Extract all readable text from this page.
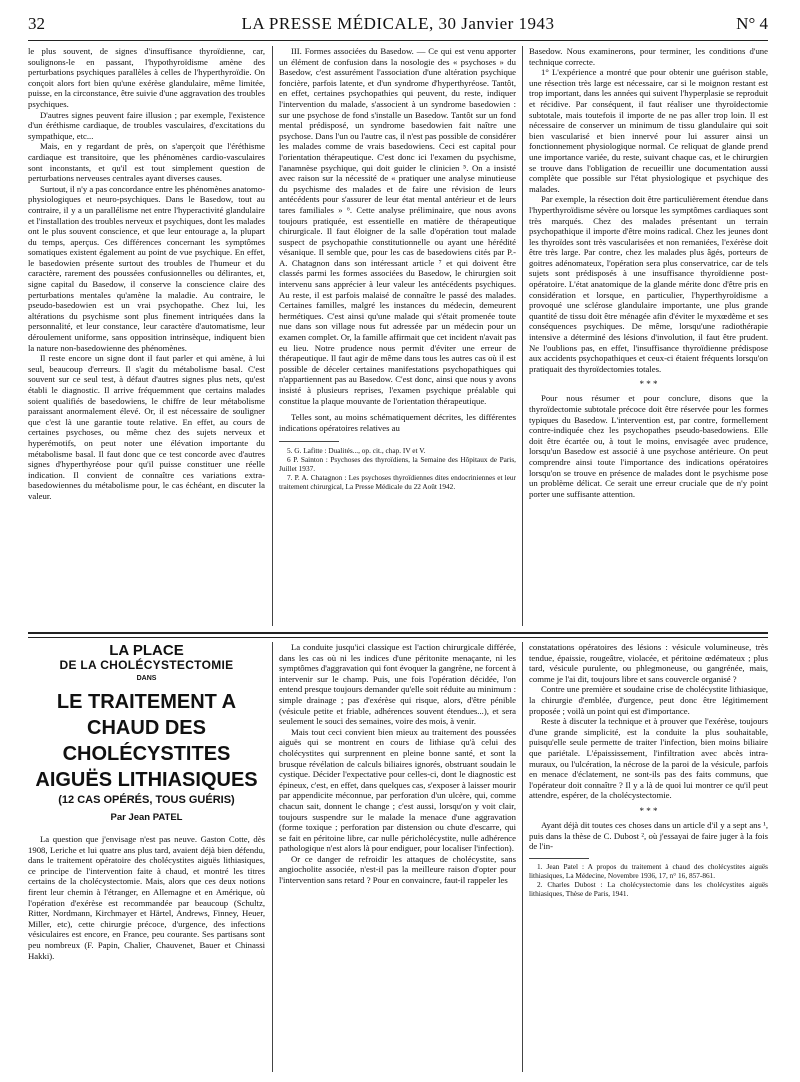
32	LA PRESSE MÉDICALE, 30 Janvier 1943	N° 4

le plus souvent, de signes d'insuffisance thyroïdienne, car, soulignons-le en passant, l'hypothyroïdisme amène des perturbations psychiques parallèles à celles de l'hyperthyroïdie. On conçoit alors fort bien qu'une exérèse glandulaire, même limitée, puisse, en la circonstance, être suivie d'une aggravation des troubles psychiques.

D'autres signes peuvent faire illusion ; par exemple, l'existence d'un éréthisme cardiaque, de troubles vasculaires, d'excitations du sympathique, etc...

Mais, en y regardant de près, on s'aperçoit que l'éréthisme cardiaque est transitoire, que les phénomènes cardio-vasculaires sont inconstants, et qu'il est tout simplement question de perturbations nerveuses centrales ayant diverses causes.

Surtout, il n'y a pas concordance entre les phénomènes anatomo-physiologiques et neuro-psychiques. Dans le Basedow, tout au contraire, il y a un parallélisme net entre l'hyperactivité glandulaire et l'installation des troubles nerveux et psychiques, dont les malades ont le plus souvent conscience, et que leur entourage a, la plupart du temps, aperçus. Ces différences concernant les symptômes somatiques existent également au point de vue psychique. En effet, le basedowien présente surtout des troubles de l'humeur et du caractère, rarement des poussées confusionnelles ou délirantes, et, signe capital du Basedow, il conserve la conscience claire des perturbations mentales qu'amène la maladie. Au contraire, le pseudo-basedowien est un vrai psychopathe. Chez lui, les altérations du psychisme sont plus finement intriquées dans la personnalité, et leur constance, leur caractère d'automatisme, leur déroulement uniforme, sans opposition intrinsèque, indiquent bien la nature non-basedowienne des phénomènes.

Il reste encore un signe dont il faut parler et qui amène, à lui seul, beaucoup d'erreurs. Il s'agit du métabolisme basal. C'est souvent sur ce seul test, à défaut d'autres signes plus nets, qu'est établi le diagnostic. Il arrive fréquemment que certains malades soient qualifiés de basedowiens, le chiffre de leur métabolisme paraissant anormalement élevé. Or, il est nécessaire de souligner que c'est là une garantie toute relative. En effet, au cours de certaines psychoses, ou même chez des sujets nerveux et hyperémotifs, on peut noter une élévation importante du métabolisme basal. Il faut donc que ce test concorde avec d'autres signes d'hyperthyréose pour qu'il puisse constituer une réelle indication. Il convient de connaître ces variations extra-basedowiennes du métabolisme pour, le cas échéant, en discuter la valeur.

III. Formes associées du Basedow. — Ce qui est venu apporter un élément de confusion dans la nosologie des « psychoses » du Basedow, c'est assurément l'association d'une altération psychique foncière, parfois latente, et d'un syndrome d'hyperthyréose. Tantôt, en effet, certaines psychopathies qui peuvent, du reste, indiquer l'intervention du malade, s'associent à un syndrome basedowien : sur une psychose de fond s'installe un Basedow. Tantôt sur un fond mental prédisposé, un syndrome basedowien fait naître une psychose. Dans l'un ou l'autre cas, il n'est pas possible de considérer les malades comme de vrais basedowiens. Ceci est capital pour l'orientation thérapeutique. C'est donc ici l'examen du psychisme, l'anamnèse psychique, qui doit guider le clinicien ⁵. On a insisté avec raison sur la nécessité de « pratiquer une analyse minutieuse du psychisme des malades et de faire une révision de leurs antécédents pour s'assurer de leur état mental antérieur et de leurs tares familiales » ⁶. Cette analyse préliminaire, que nous avons toujours pratiquée, est essentielle en matière de thérapeutique chirurgicale. Il faut éloigner de la salle d'opération tout malade suspect de psychopathie constitutionnelle ou ayant une hérédité vésanique. Il semble que, pour les cas de basedowiens cités par P.-A. Chatagnon dans son intéressant article ⁷ et qui doivent être classés parmi les formes associées du Basedow, le chirurgien soit intervenu sans apprécier à leur valeur les antécédents psychiques. Au reste, il est parfois malaisé de connaître le passé des malades. Certaines familles, malgré les instances du médecin, demeurent hermétiques. C'est ainsi qu'une malade qui s'était promenée toute nue dans son village nous fut adressée par un médecin pour un examen complet. Or, la famille affirmait que cet incident n'avait pas eu lieu. Notre prudence nous permit d'éviter une erreur de thérapeutique. Il faut agir de même dans tous les autres cas où il est possible de déceler certaines manifestations psychopathiques qui n'appartiennent pas au Basedow. C'est donc, ainsi que nous y avons insisté à plusieurs reprises, l'examen psychique préalable qui constitue la plaque mouvante de l'orientation thérapeutique.

Telles sont, au moins schématiquement décrites, les différentes indications opératoires relatives au

5. G. Lafitte : Dualités..., op. cit., chap. IV et V.

6 P. Sainton : Psychoses des thyroïdiens, la Semaine des Hôpitaux de Paris, Juillet 1937.

7. P. A. Chatagnon : Les psychoses thyroïdiennes dites endocriniennes et leur traitement chirurgical, La Presse Médicale du 22 Août 1942.

Basedow. Nous examinerons, pour terminer, les conditions d'une technique correcte.

1° L'expérience a montré que pour obtenir une guérison stable, une résection très large est nécessaire, car si le moignon restant est trop important, dans les années qui suivent l'hyperplasie se reproduit et récidive. Par conséquent, il faut réaliser une thyroïdectomie subtotale, mais toutefois il importe de ne pas aller trop loin. Il est nécessaire de conserver un minimum de tissu glandulaire qui soit bien vascularisé et bien innervé pour lui assurer ainsi un fonctionnement physiologique normal. Ce reliquat de glande prend une importance variée, du reste, suivant chaque cas, et le chirurgien se trouve dans l'obligation de recueillir une documentation aussi complète que possible sur l'état physiologique et psychique des malades.

Par exemple, la résection doit être particulièrement étendue dans l'hyperthyroïdisme sévère ou lorsque les symptômes cardiaques sont très marqués. Chez des malades présentant un terrain psychopathique il importe d'être moins radical. Chez les jeunes dont les thyroïdes sont très vascularisées et non remaniées, l'exérèse doit être très large. Par contre, chez les malades plus âgés, porteurs de goitres adénomateux, l'opération sera plus conservatrice, car de tels sujets sont prédisposés à une insuffisance thyroïdienne post-opératoire. L'état anatomique de la glande mérite donc d'être pris en considération et lorsque, en particulier, l'hyperthyroïdisme a provoqué une sclérose glandulaire importante, une plus grande quantité de tissu doit être ménagée afin d'éviter le myxœdème et ses conséquences psychiques. De même, lorsqu'une radiothérapie intensive a déterminé des lésions d'involution, il faut être prudent. Ne l'oublions pas, en effet, l'insuffisance thyroïdienne prédispose aux accidents psychopathiques et ceux-ci étaient fréquents lorsqu'on pratiquait des thyroïdectomies totales.

* * *

Pour nous résumer et pour conclure, disons que la thyroïdectomie subtotale précoce doit être réservée pour les formes typiques du Basedow. L'intervention est, par contre, formellement contre-indiquée chez les psychopathes pseudo-basedowiens. Elle doit être écartée ou, à tout le moins, envisagée avec prudence, lorsqu'un Basedow est associé à une psychose antérieure. On peut comprendre ainsi toute l'importance des indications opératoires lorsqu'on se trouve en présence de malades dont le psychisme pose un problème délicat. Ce serait une erreur cruciale que de n'y point porter une suffisante attention.

LA PLACE
DE LA CHOLÉCYSTECTOMIE
DANS
LE TRAITEMENT A CHAUD DES CHOLÉCYSTITES AIGUËS LITHIASIQUES
(12 CAS OPÉRÉS, TOUS GUÉRIS)
Par Jean PATEL

La question que j'envisage n'est pas neuve. Gaston Cotte, dès 1908, Leriche et lui quatre ans plus tard, avaient déjà bien défendu, dans le traitement opératoire des cholécystites aiguës lithiasiques, ce principe de l'intervention faite à chaud, et montré les titres certains de la cholécystectomie. Mais, alors que ces deux notions firent leur chemin à l'étranger, en Allemagne et en Amérique, où l'opération d'exérèse est recommandée par beaucoup (Schultz, Ritter, Nordmann, Kirchmayer et Härtel, Andrews, Finney, Heuer, Miller, etc), cette chirurgie précoce, d'urgence, des infections vésiculaires est encore, en France, peu courante. Ses partisans sont peu nombreux (F. Papin, Chalier, Chauvenet, Bauer et Chinassi Hakki).

La conduite jusqu'ici classique est l'action chirurgicale différée, dans les cas où ni les indices d'une péritonite menaçante, ni les symptômes d'aggravation qui font évoquer la gangrène, ne forcent à intervenir sur le champ. Puis, une fois l'opération décidée, l'on entend presque toujours demander qu'elle soit réduite au minimum : simple drainage ; pas d'exérèse qui risque, alors, d'être pénible (vésicule petite et friable, adhérences souvent étendues...), et sera seulement le souci des semaines, voire des mois, à venir.

Mais tout ceci convient bien mieux au traitement des poussées aiguës qui se montrent en cours de lithiase qu'à celui des cholécystites qui surprennent en pleine bonne santé, et sont la brusque révélation de calculs biliaires ignorés, obstruant soudain le cystique. Décider l'expectative pour celles-ci, dont le diagnostic est épineux, c'est, en effet, dans quelques cas, s'exposer à laisser mourir par appendicite méconnue, par perforation d'un ulcère, qui, comme chacun sait, donnent le change ; c'est aussi, lorsqu'on y voit clair, toujours suspendre sur le malade la menace d'une aggravation (forme toxique ; perforation par distension ou chute d'escarre, qui se fait en péritoine libre, car nulle péricholécystite, nulle adhérence pathologique n'est alors là pour endiguer, pour localiser l'infection).

Or ce danger de refroidir les attaques de cholécystite, sans angiocholite associée, n'est-il pas la meilleure raison d'opter pour l'intervention sans retard ? Pour en convaincre, faut-il rappeler les

constatations opératoires des lésions : vésicule volumineuse, très tendue, épaissie, rougeâtre, violacée, et péritoine œdémateux ; plus tard, vésicule purulente, ou phlegmoneuse, ou gangrénée, mais, comme je l'ai dit, toujours libre et sans couvercle organisé ?

Contre une première et soudaine crise de cholécystite lithiasique, la chirurgie d'emblée, d'urgence, peut donc être légitimement proposée ; voilà un point qui est d'importance.

Reste à discuter la technique et à prouver que l'exérèse, toujours d'une grande simplicité, est la conduite la plus souhaitable, puisqu'elle seule permette de traiter l'infection, bien moins biliaire que pariétale. L'épaississement, l'infiltration avec abcès intra-muraux, ou l'ulcération, la nécrose de la paroi de la vésicule, parfois en menace d'éclatement, ne sont-ils pas des faits communs, que l'opérateur doit connaître ? Il y a là de quoi lui montrer ce qu'il peut attendre, espérer, de la cholécystectomie.

* * *

Ayant déjà dit toutes ces choses dans un article d'il y a sept ans ¹, puis dans la thèse de C. Dubost ², où j'essayai de faire juger à la fois de l'in-

1. Jean Patel : A propos du traitement à chaud des cholécystites aiguës lithiasiques, La Médecine, Novembre 1936, 17, n° 16, 857-861.

2. Charles Dubost : La cholécystectomie dans les cholécystites aiguës lithiasiques, Thèse de Paris, 1941.
